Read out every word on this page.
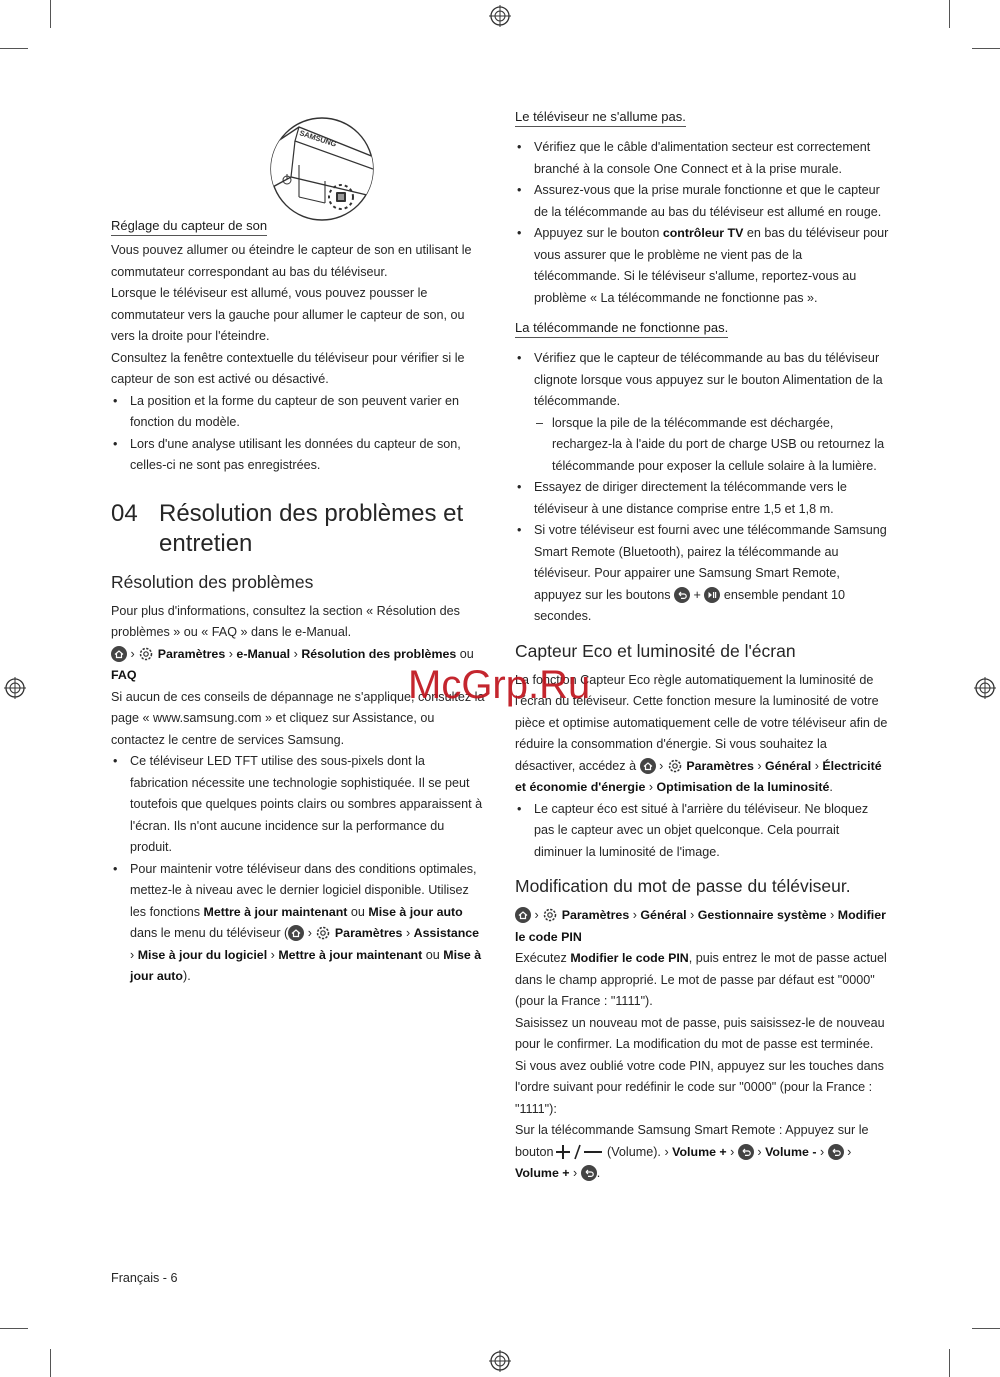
Réglage du capteur de son
SAMSUNG

Vous pouvez allumer ou éteindre le capteur de son en utilisant le commutateur correspondant au bas du téléviseur.

Lorsque le téléviseur est allumé, vous pouvez pousser le commutateur vers la gauche pour allumer le capteur de son, ou vers la droite pour l'éteindre.

Consultez la fenêtre contextuelle du téléviseur pour vérifier si le capteur de son est activé ou désactivé.

• La position et la forme du capteur de son peuvent varier en fonction du modèle.
• Lors d'une analyse utilisant les données du capteur de son, celles-ci ne sont pas enregistrées.
04 Résolution des problèmes et entretien
Résolution des problèmes

Pour plus d'informations, consultez la section « Résolution des problèmes » ou « FAQ » dans le e-Manual.

› Paramètres › e-Manual › Résolution des problèmes ou FAQ

Si aucun de ces conseils de dépannage ne s'applique, consultez la page « www.samsung.com » et cliquez sur Assistance, ou contactez le centre de services Samsung.

• Ce téléviseur LED TFT utilise des sous-pixels dont la fabrication nécessite une technologie sophistiquée. Il se peut toutefois que quelques points clairs ou sombres apparaissent à l'écran. Ils n'ont aucune incidence sur la performance du produit.
• Pour maintenir votre téléviseur dans des conditions optimales, mettez-le à niveau avec le dernier logiciel disponible. Utilisez les fonctions Mettre à jour maintenant ou Mise à jour auto dans le menu du téléviseur ( › Paramètres › Assistance › Mise à jour du logiciel › Mettre à jour maintenant ou Mise à jour auto).
Le téléviseur ne s'allume pas.
• Vérifiez que le câble d'alimentation secteur est correctement branché à la console One Connect et à la prise murale.
• Assurez-vous que la prise murale fonctionne et que le capteur de la télécommande au bas du téléviseur est allumé en rouge.
• Appuyez sur le bouton contrôleur TV en bas du téléviseur pour vous assurer que le problème ne vient pas de la télécommande. Si le téléviseur s'allume, reportez-vous au problème « La télécommande ne fonctionne pas ».
La télécommande ne fonctionne pas.
• Vérifiez que le capteur de télécommande au bas du téléviseur clignote lorsque vous appuyez sur le bouton Alimentation de la télécommande.
– lorsque la pile de la télécommande est déchargée, rechargez-la à l'aide du port de charge USB ou retournez la télécommande pour exposer la cellule solaire à la lumière.
• Essayez de diriger directement la télécommande vers le téléviseur à une distance comprise entre 1,5 et 1,8 m.
• Si votre téléviseur est fourni avec une télécommande Samsung Smart Remote (Bluetooth), pairez la télécommande au téléviseur. Pour appairer une Samsung Smart Remote, appuyez sur les boutons + ensemble pendant 10 secondes.
Capteur Eco et luminosité de l'écran

La fonction Capteur Eco règle automatiquement la luminosité de l'écran du téléviseur. Cette fonction mesure la luminosité de votre pièce et optimise automatiquement celle de votre téléviseur afin de réduire la consommation d'énergie. Si vous souhaitez la désactiver, accédez à › Paramètres › Général › Électricité et économie d'énergie › Optimisation de la luminosité.

• Le capteur éco est situé à l'arrière du téléviseur. Ne bloquez pas le capteur avec un objet quelconque. Cela pourrait diminuer la luminosité de l'image.
Modification du mot de passe du téléviseur.

› Paramètres › Général › Gestionnaire système › Modifier le code PIN

Exécutez Modifier le code PIN, puis entrez le mot de passe actuel dans le champ approprié. Le mot de passe par défaut est "0000" (pour la France : "1111").

Saisissez un nouveau mot de passe, puis saisissez-le de nouveau pour le confirmer. La modification du mot de passe est terminée.

Si vous avez oublié votre code PIN, appuyez sur les touches dans l'ordre suivant pour redéfinir le code sur "0000" (pour la France : "1111"):

Sur la télécommande Samsung Smart Remote : Appuyez sur le

bouton	(Volume). › Volume + › › Volume - › › Volume + › .

McGrp.Ru
Français - 6
